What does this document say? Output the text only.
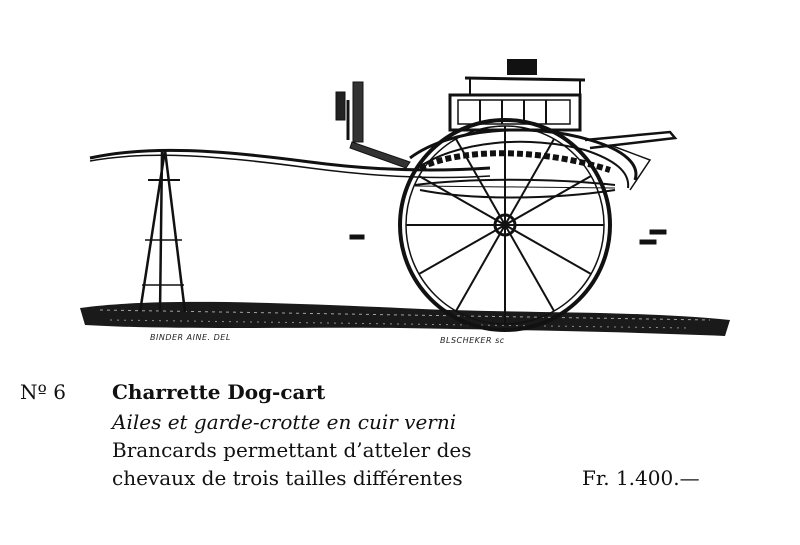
BINDER AINE. DEL	BLSCHEKER sc
Nº 6 Charrette Dog-cart
Ailes et garde-crotte en cuir verni
Brancards permettant d’atteler des
chevaux de trois tailles différentes	Fr. 1.400.—
